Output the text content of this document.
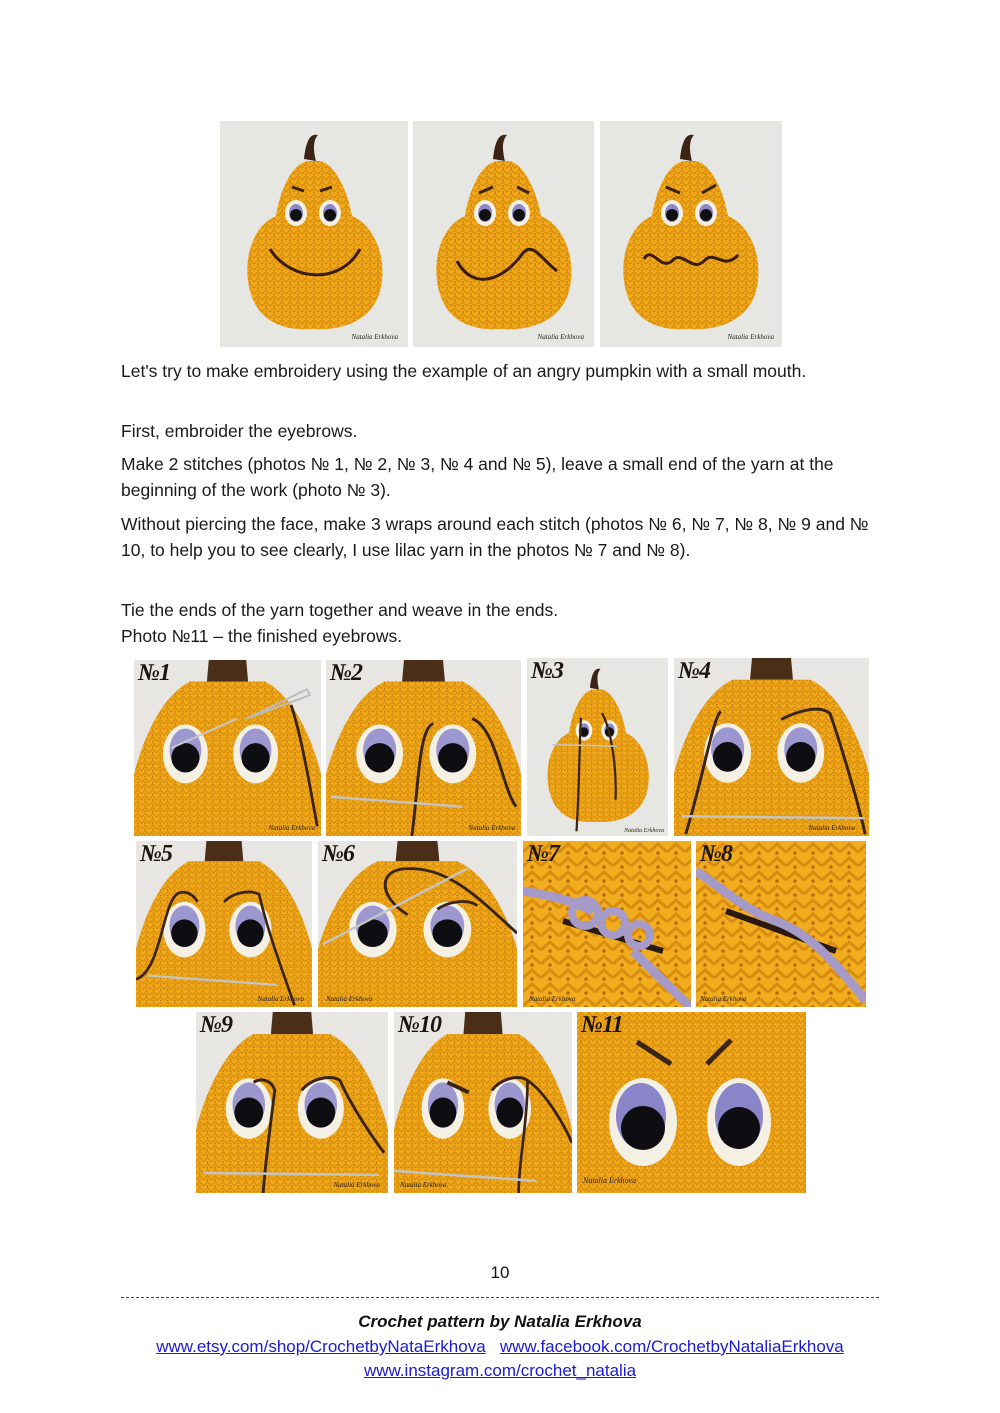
Natalia Erkhova	Natalia Erkhova	Natalia Erkhova
Let's try to make embroidery using the example of an angry pumpkin with a small mouth.
First, embroider the eyebrows.
Make 2 stitches (photos № 1, № 2, № 3, № 4 and № 5), leave a small end of the yarn at the beginning of the work (photo № 3).
Without piercing the face, make 3 wraps around each stitch (photos № 6, № 7, № 8, № 9 and № 10, to help you to see clearly, I use lilac yarn in the photos № 7 and № 8).
Tie the ends of the yarn together and weave in the ends.
Photo №11 – the finished eyebrows.
№1
Natalia Erkhova
№2
Natalia Erkhova
№3
Natalia Erkhova
№4
Natalia Erkhova
№5
Natalia Erkhova
№6
Natalia Erkhova
№7
Natalia Erkhova
№8
Natalia Erkhova
№9
Natalia Erkhova
№10
Natalia Erkhova
№11
Natalia Erkhova
10
Crochet pattern by Natalia Erkhova
www.etsy.com/shop/CrochetbyNataErkhova www.facebook.com/CrochetbyNataliaErkhova
www.instagram.com/crochet_natalia
